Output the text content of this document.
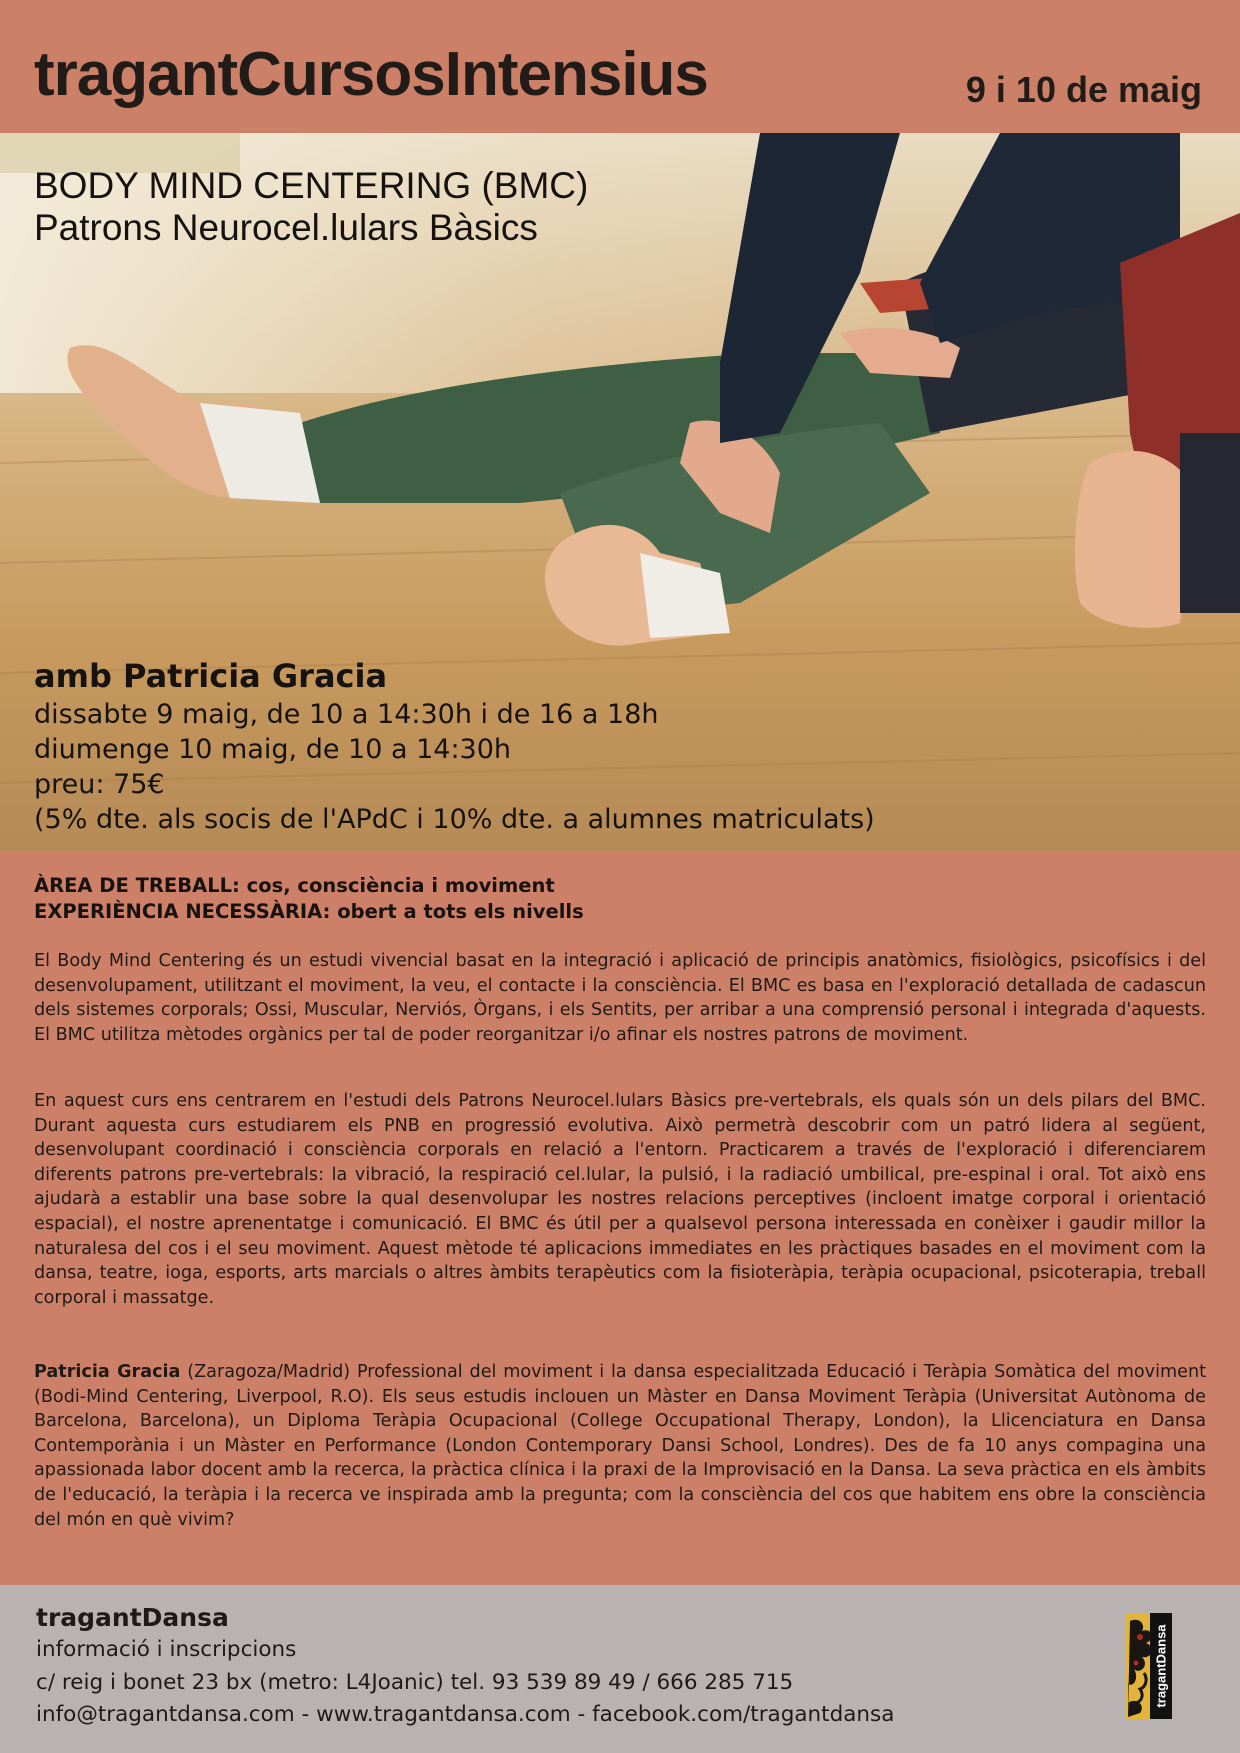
tragantCursosIntensius	9 i 10 de maig
BODY MIND CENTERING (BMC)
Patrons Neurocel.lulars Bàsics
amb Patricia Gracia
dissabte 9 maig, de 10 a 14:30h i de 16 a 18h
diumenge 10 maig, de 10 a 14:30h
preu: 75€
(5% dte. als socis de l'APdC i 10% dte. a alumnes matriculats)
ÀREA DE TREBALL: cos, consciència i moviment
EXPERIÈNCIA NECESSÀRIA: obert a tots els nivells
El Body Mind Centering és un estudi vivencial basat en la integració i aplicació de principis anatòmics, fisiològics, psicofísics i del desenvolupament, utilitzant el moviment, la veu, el contacte i la consciència. El BMC es basa en l'exploració detallada de cadascun dels sistemes corporals; Ossi, Muscular, Nerviós, Òrgans, i els Sentits, per arribar a una comprensió personal i integrada d'aquests. El BMC utilitza mètodes orgànics per tal de poder reorganitzar i/o afinar els nostres patrons de moviment.
En aquest curs ens centrarem en l'estudi dels Patrons Neurocel.lulars Bàsics pre-vertebrals, els quals són un dels pilars del BMC. Durant aquesta curs estudiarem els PNB en progressió evolutiva. Això permetrà descobrir com un patró lidera al següent, desenvolupant coordinació i consciència corporals en relació a l'entorn. Practicarem a través de l'exploració i diferenciarem diferents patrons pre-vertebrals: la vibració, la respiració cel.lular, la pulsió, i la radiació umbilical, pre-espinal i oral. Tot això ens ajudarà a establir una base sobre la qual desenvolupar les nostres relacions perceptives (incloent imatge corporal i orientació espacial), el nostre aprenentatge i comunicació. El BMC és útil per a qualsevol persona interessada en conèixer i gaudir millor la naturalesa del cos i el seu moviment. Aquest mètode té aplicacions immediates en les pràctiques basades en el moviment com la dansa, teatre, ioga, esports, arts marcials o altres àmbits terapèutics com la fisioteràpia, teràpia ocupacional, psicoterapia, treball corporal i massatge.
Patricia Gracia (Zaragoza/Madrid) Professional del moviment i la dansa especialitzada Educació i Teràpia Somàtica del moviment (Bodi-Mind Centering, Liverpool, R.O). Els seus estudis inclouen un Màster en Dansa Moviment Teràpia (Universitat Autònoma de Barcelona, Barcelona), un Diploma Teràpia Ocupacional (College Occupational Therapy, London), la Llicenciatura en Dansa Contemporània i un Màster en Performance (London Contemporary Dansi School, Londres). Des de fa 10 anys compagina una apassionada labor docent amb la recerca, la pràctica clínica i la praxi de la Improvisació en la Dansa. La seva pràctica en els àmbits de l'educació, la teràpia i la recerca ve inspirada amb la pregunta; com la consciència del cos que habitem ens obre la consciència del món en què vivim?
tragantDansa
informació i inscripcions
c/ reig i bonet 23 bx (metro: L4Joanic) tel. 93 539 89 49 / 666 285 715
info@tragantdansa.com - www.tragantdansa.com - facebook.com/tragantdansa
tragantDansa
